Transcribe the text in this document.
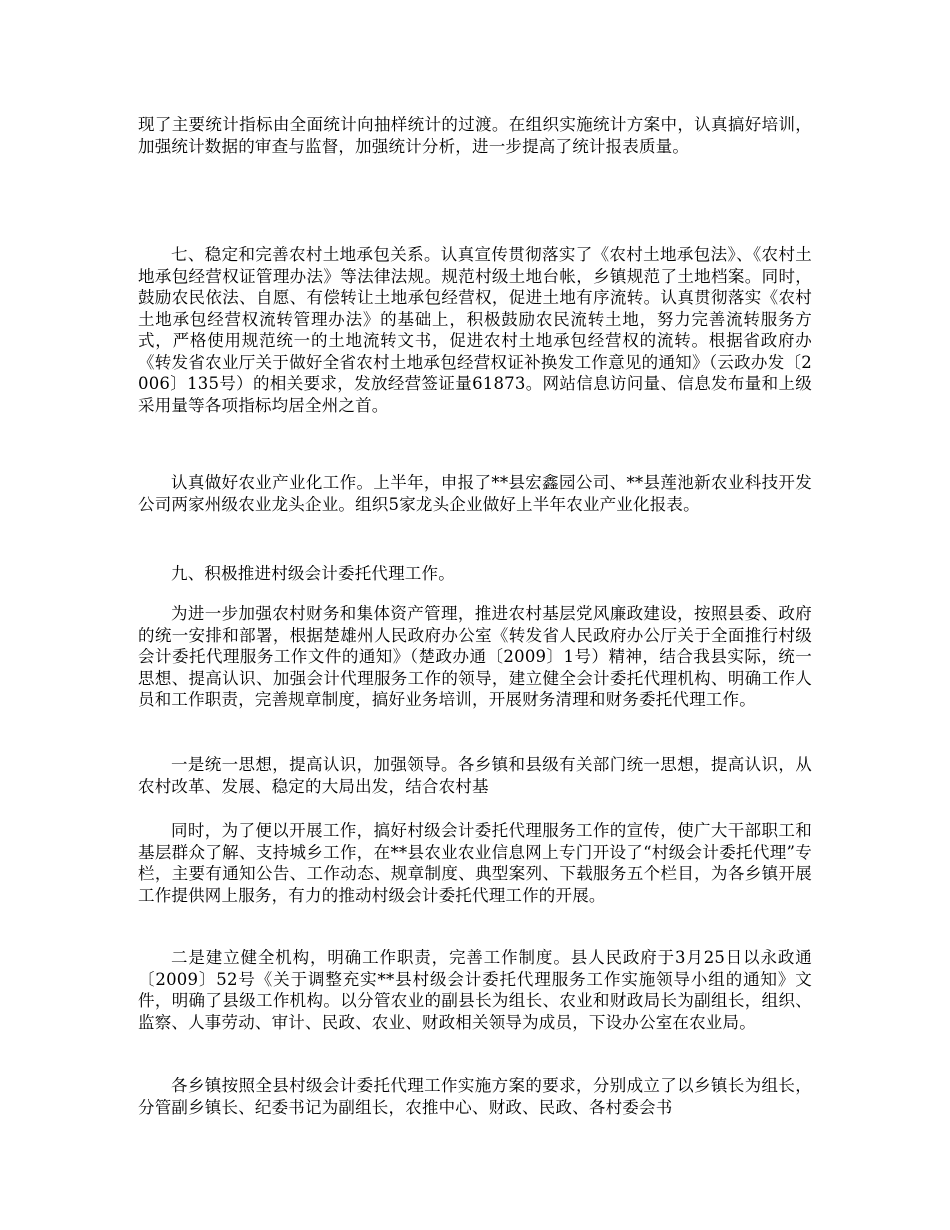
现了主要统计指标由全面统计向抽样统计的过渡。在组织实施统计方案中，认真搞好培训，加强统计数据的审查与监督，加强统计分析，进一步提高了统计报表质量。

七、稳定和完善农村土地承包关系。认真宣传贯彻落实了《农村土地承包法》、《农村土地承包经营权证管理办法》等法律法规。规范村级土地台帐，乡镇规范了土地档案。同时，鼓励农民依法、自愿、有偿转让土地承包经营权，促进土地有序流转。认真贯彻落实《农村土地承包经营权流转管理办法》的基础上，积极鼓励农民流转土地，努力完善流转服务方式，严格使用规范统一的土地流转文书，促进农村土地承包经营权的流转。根据省政府办《转发省农业厅关于做好全省农村土地承包经营权证补换发工作意见的通知》（云政办发〔2006〕135号）的相关要求，发放经营签证量61873。网站信息访问量、信息发布量和上级采用量等各项指标均居全州之首。

认真做好农业产业化工作。上半年，申报了**县宏鑫园公司、**县莲池新农业科技开发公司两家州级农业龙头企业。组织5家龙头企业做好上半年农业产业化报表。

九、积极推进村级会计委托代理工作。

为进一步加强农村财务和集体资产管理，推进农村基层党风廉政建设，按照县委、政府的统一安排和部署，根据楚雄州人民政府办公室《转发省人民政府办公厅关于全面推行村级会计委托代理服务工作文件的通知》（楚政办通〔2009〕1号）精神，结合我县实际，统一思想、提高认识、加强会计代理服务工作的领导，建立健全会计委托代理机构、明确工作人员和工作职责，完善规章制度，搞好业务培训，开展财务清理和财务委托代理工作。

一是统一思想，提高认识，加强领导。各乡镇和县级有关部门统一思想，提高认识，从农村改革、发展、稳定的大局出发，结合农村基

同时，为了便以开展工作，搞好村级会计委托代理服务工作的宣传，使广大干部职工和基层群众了解、支持城乡工作，在**县农业农业信息网上专门开设了“村级会计委托代理”专栏，主要有通知公告、工作动态、规章制度、典型案列、下载服务五个栏目，为各乡镇开展工作提供网上服务，有力的推动村级会计委托代理工作的开展。

二是建立健全机构，明确工作职责，完善工作制度。县人民政府于3月25日以永政通〔2009〕52号《关于调整充实**县村级会计委托代理服务工作实施领导小组的通知》文件，明确了县级工作机构。以分管农业的副县长为组长、农业和财政局长为副组长，组织、监察、人事劳动、审计、民政、农业、财政相关领导为成员，下设办公室在农业局。

各乡镇按照全县村级会计委托代理工作实施方案的要求，分别成立了以乡镇长为组长，分管副乡镇长、纪委书记为副组长，农推中心、财政、民政、各村委会书
